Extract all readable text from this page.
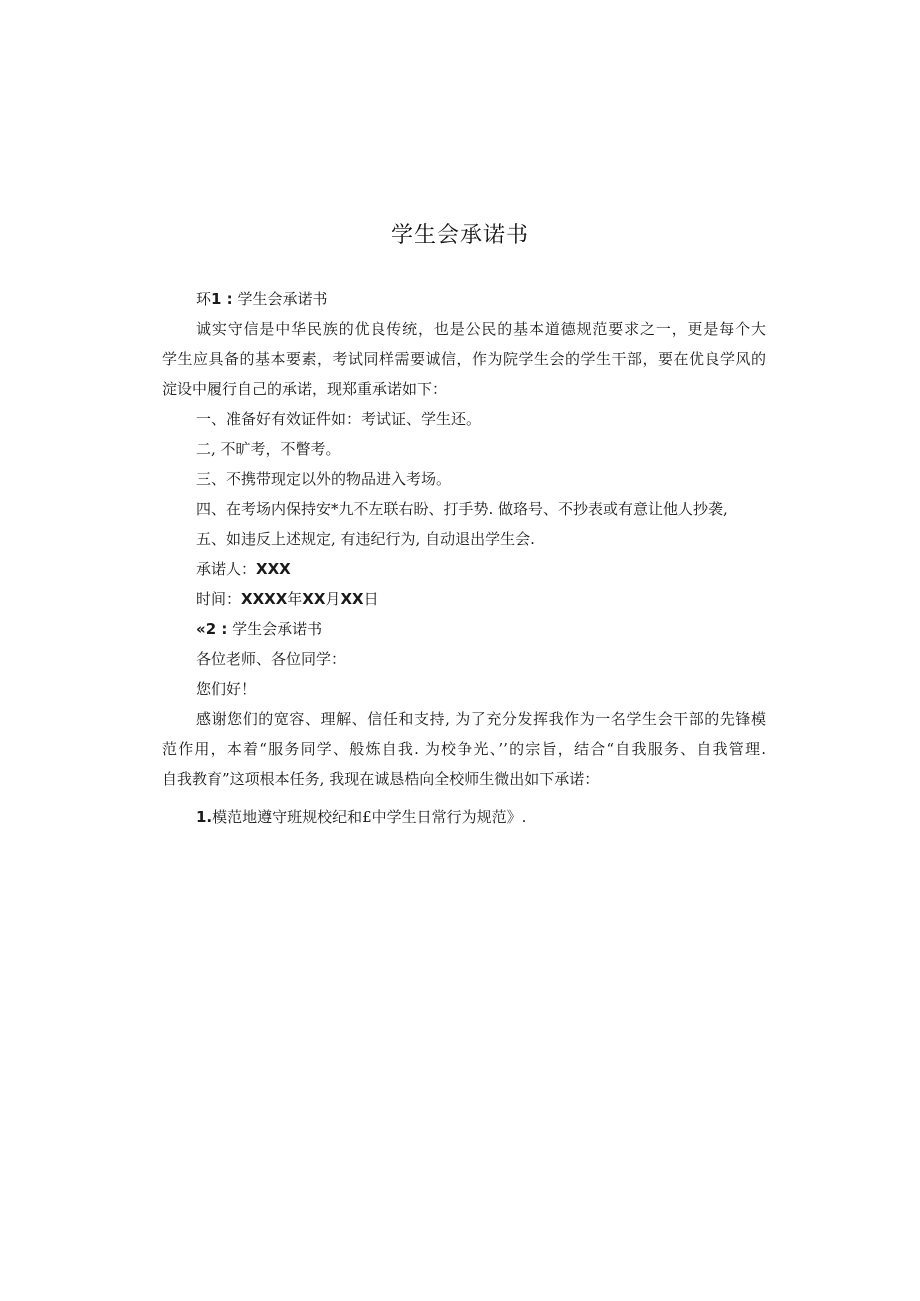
学生会承诺书
环1 : 学生会承诺书
诚实守信是中华民族的优良传统，也是公民的基本道德规范要求之一，更是每个大
学生应具备的基本要素，考试同样需要诚信，作为院学生会的学生干部，要在优良学风的
淀设中履行自己的承诺，现郑重承诺如下：
一、准备好有效证件如：考试证、学生还。
二, 不旷考，不瞥考。
三、不携带现定以外的物品进入考场。
四、在考场内保持安*九不左联右盼、打手势. 做珞号、不抄表或有意让他人抄袭,
五、如违反上述规定, 有违纪行为, 自动退出学生会.
承诺人：XXX
时间：XXXX年XX月XX日
«2 : 学生会承诺书
各位老师、各位同学：
您们好！
感谢您们的宽容、理解、信任和支持, 为了充分发挥我作为一名学生会干部的先锋模
范作用，本着“服务同学、般炼自我. 为校争光、’’的宗旨，结合“自我服务、自我管理.
自我教育”这项根本任务, 我现在诚恳梏向全校师生微出如下承诺：
1.模范地遵守班规校纪和£中学生日常行为规范》.
